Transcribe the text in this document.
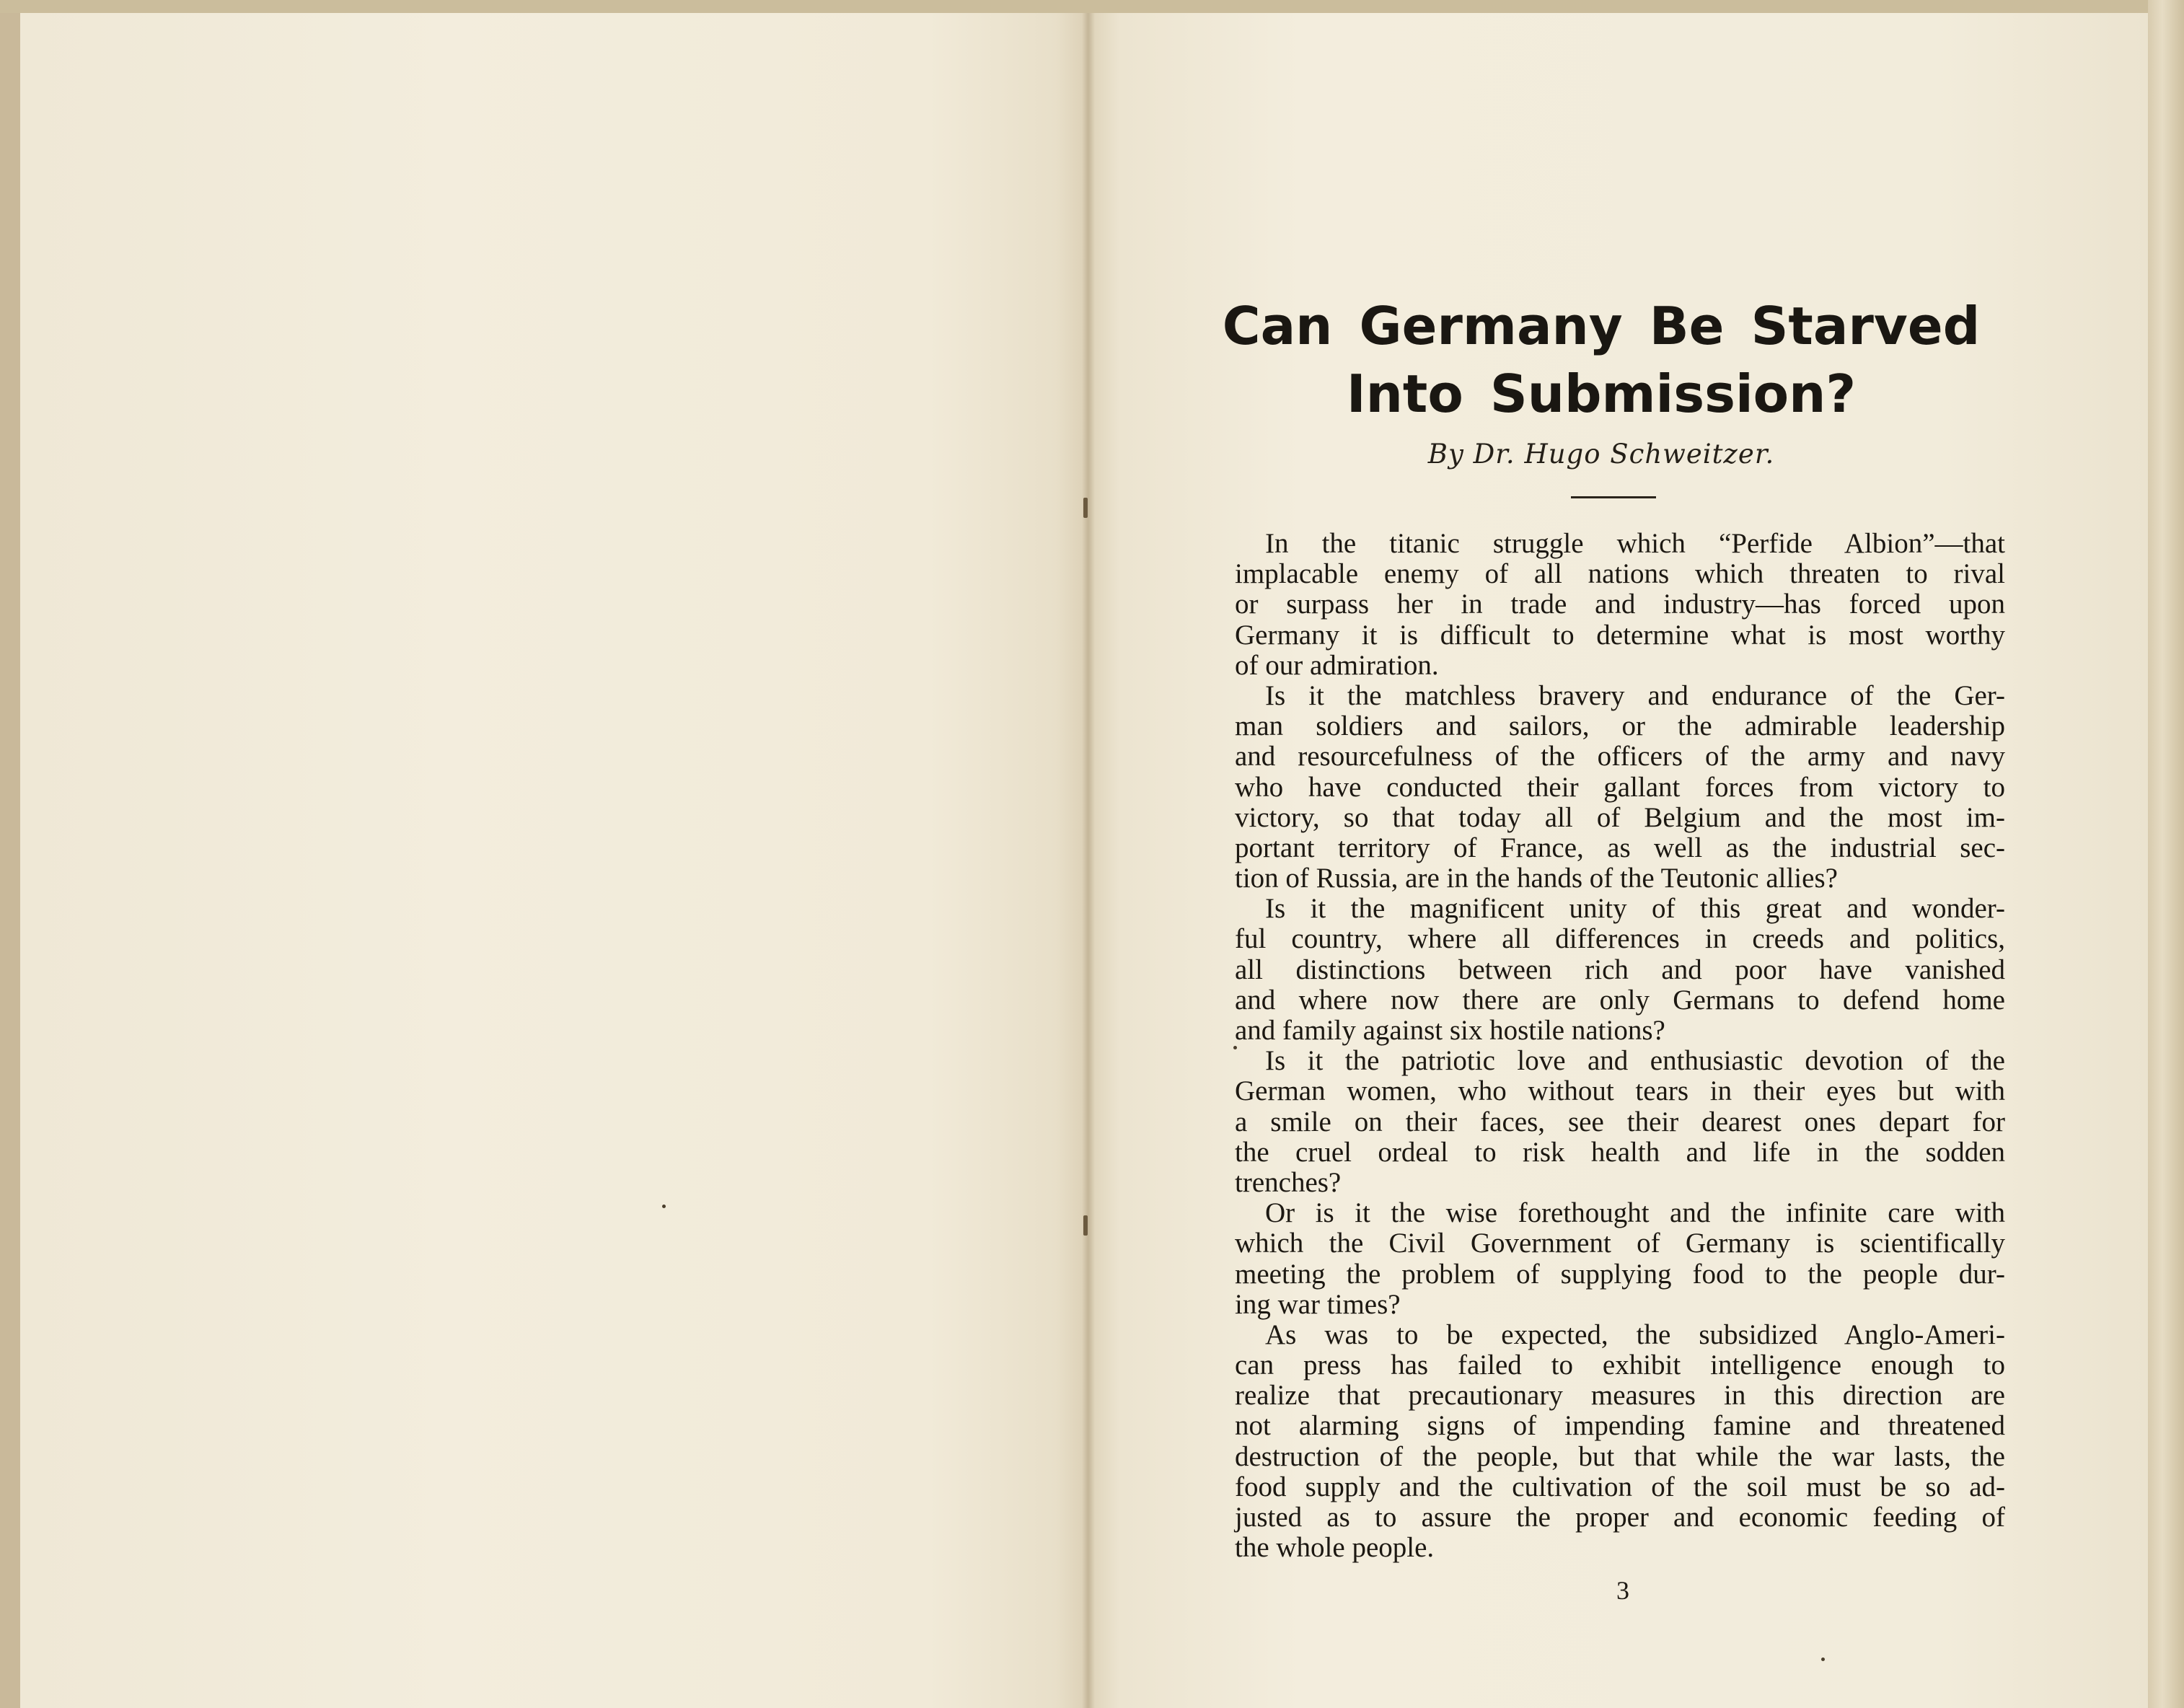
Can Germany Be Starved
Into Submission?
By Dr. Hugo Schweitzer.
In the titanic struggle which “Perfide Albion”—that
implacable enemy of all nations which threaten to rival
or surpass her in trade and industry—has forced upon
Germany it is difficult to determine what is most worthy
of our admiration.
Is it the matchless bravery and endurance of the Ger-
man soldiers and sailors, or the admirable leadership
and resourcefulness of the officers of the army and navy
who have conducted their gallant forces from victory to
victory, so that today all of Belgium and the most im-
portant territory of France, as well as the industrial sec-
tion of Russia, are in the hands of the Teutonic allies?
Is it the magnificent unity of this great and wonder-
ful country, where all differences in creeds and politics,
all distinctions between rich and poor have vanished
and where now there are only Germans to defend home
and family against six hostile nations?
Is it the patriotic love and enthusiastic devotion of the
German women, who without tears in their eyes but with
a smile on their faces, see their dearest ones depart for
the cruel ordeal to risk health and life in the sodden
trenches?
Or is it the wise forethought and the infinite care with
which the Civil Government of Germany is scientifically
meeting the problem of supplying food to the people dur-
ing war times?
As was to be expected, the subsidized Anglo-Ameri-
can press has failed to exhibit intelligence enough to
realize that precautionary measures in this direction are
not alarming signs of impending famine and threatened
destruction of the people, but that while the war lasts, the
food supply and the cultivation of the soil must be so ad-
justed as to assure the proper and economic feeding of
the whole people.
3
